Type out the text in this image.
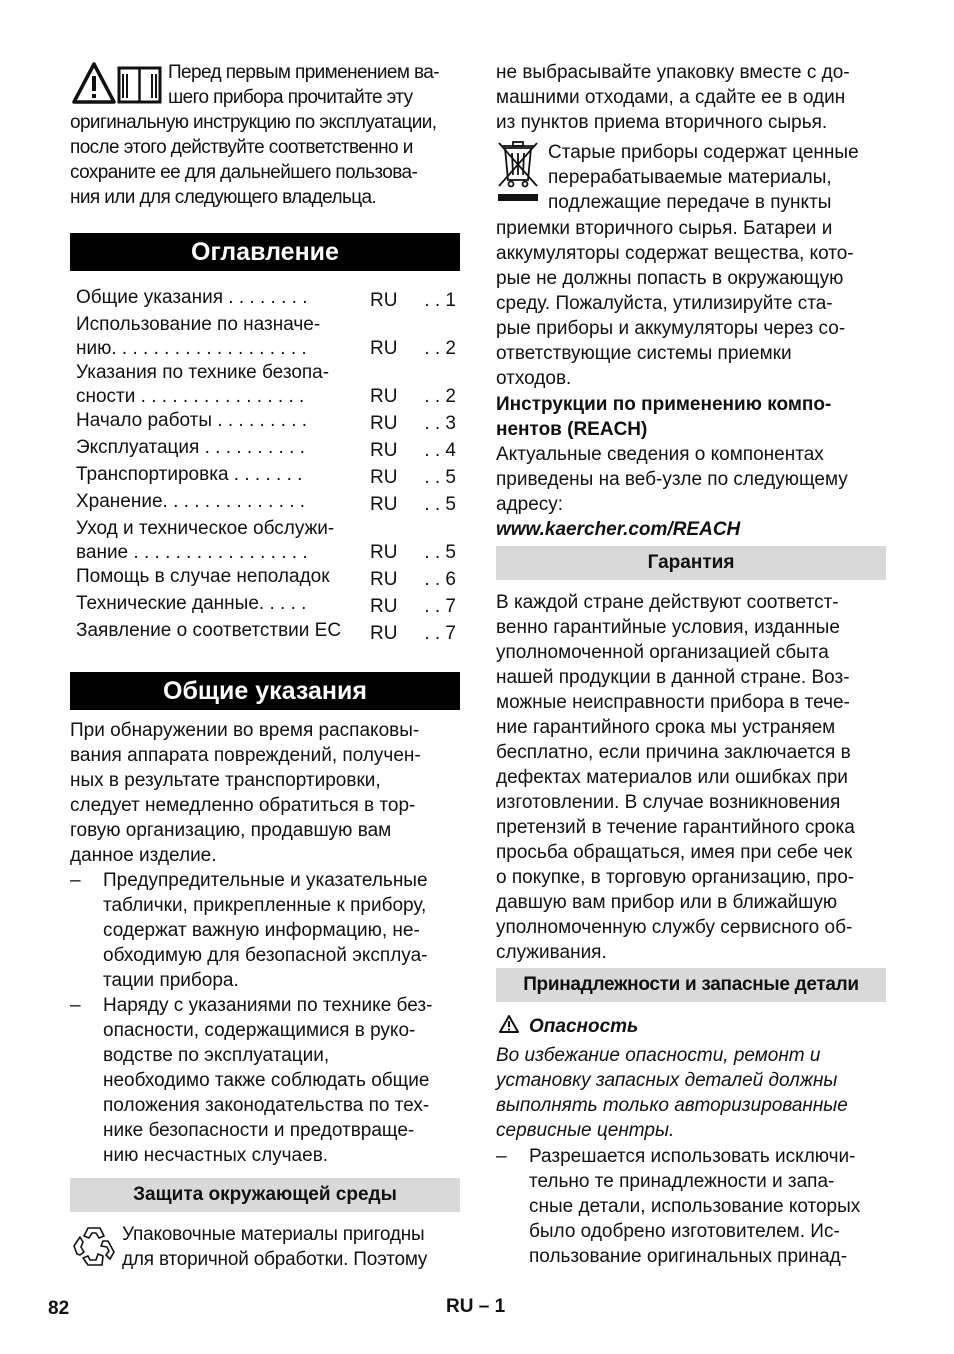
Перед первым применением ва-
шего прибора прочитайте эту
оригинальную инструкцию по эксплуатации,
после этого действуйте соответственно и
сохраните ее для дальнейшего пользова-
ния или для следующего владельца.
Оглавление
Общие указания . . . . . . . .	RU . . 1
Использование по назначе-
нию. . . . . . . . . . . . . . . . . . .	RU . . 2
Указания по технике безопа-
сности . . . . . . . . . . . . . . . .	RU . . 2
Начало работы . . . . . . . . .	RU . . 3
Эксплуатация . . . . . . . . . .	RU . . 4
Транспортировка . . . . . . .	RU . . 5
Хранение. . . . . . . . . . . . . .	RU . . 5
Уход и техническое обслужи-
вание . . . . . . . . . . . . . . . . .	RU . . 5
Помощь в случае неполадок RU . . 6
Технические данные. . . . .	RU . . 7
Заявление о соответствии ЕС RU . . 7
Общие указания
При обнаружении во время распаковы-
вания аппарата повреждений, получен-
ных в результате транспортировки,
следует немедленно обратиться в тор-
говую организацию, продавшую вам
данное изделие.
– Предупредительные и указательные
таблички, прикрепленные к прибору,
содержат важную информацию, не-
обходимую для безопасной эксплуа-
тации прибора.
– Наряду с указаниями по технике без-
опасности, содержащимися в руко-
водстве по эксплуатации,
необходимо также соблюдать общие
положения законодательства по тех-
нике безопасности и предотвраще-
нию несчастных случаев.
Защита окружающей среды
Упаковочные материалы пригодны
для вторичной обработки. Поэтому
не выбрасывайте упаковку вместе с до-
машними отходами, а сдайте ее в один
из пунктов приема вторичного сырья.
Старые приборы содержат ценные
перерабатываемые материалы,
подлежащие передаче в пункты
приемки вторичного сырья. Батареи и
аккумуляторы содержат вещества, кото-
рые не должны попасть в окружающую
среду. Пожалуйста, утилизируйте ста-
рые приборы и аккумуляторы через со-
ответствующие системы приемки
отходов.
Инструкции по применению компо-
нентов (REACH)
Актуальные сведения о компонентах
приведены на веб-узле по следующему
адресу:
www.kaercher.com/REACH
Гарантия
В каждой стране действуют соответст-
венно гарантийные условия, изданные
уполномоченной организацией сбыта
нашей продукции в данной стране. Воз-
можные неисправности прибора в тече-
ние гарантийного срока мы устраняем
бесплатно, если причина заключается в
дефектах материалов или ошибках при
изготовлении. В случае возникновения
претензий в течение гарантийного срока
просьба обращаться, имея при себе чек
о покупке, в торговую организацию, про-
давшую вам прибор или в ближайшую
уполномоченную службу сервисного об-
служивания.
Принадлежности и запасные детали
Опасность
Во избежание опасности, ремонт и
установку запасных деталей должны
выполнять только авторизированные
сервисные центры.
– Разрешается использовать исключи-
тельно те принадлежности и запа-
сные детали, использование которых
было одобрено изготовителем. Ис-
пользование оригинальных принад-
82	RU – 1
